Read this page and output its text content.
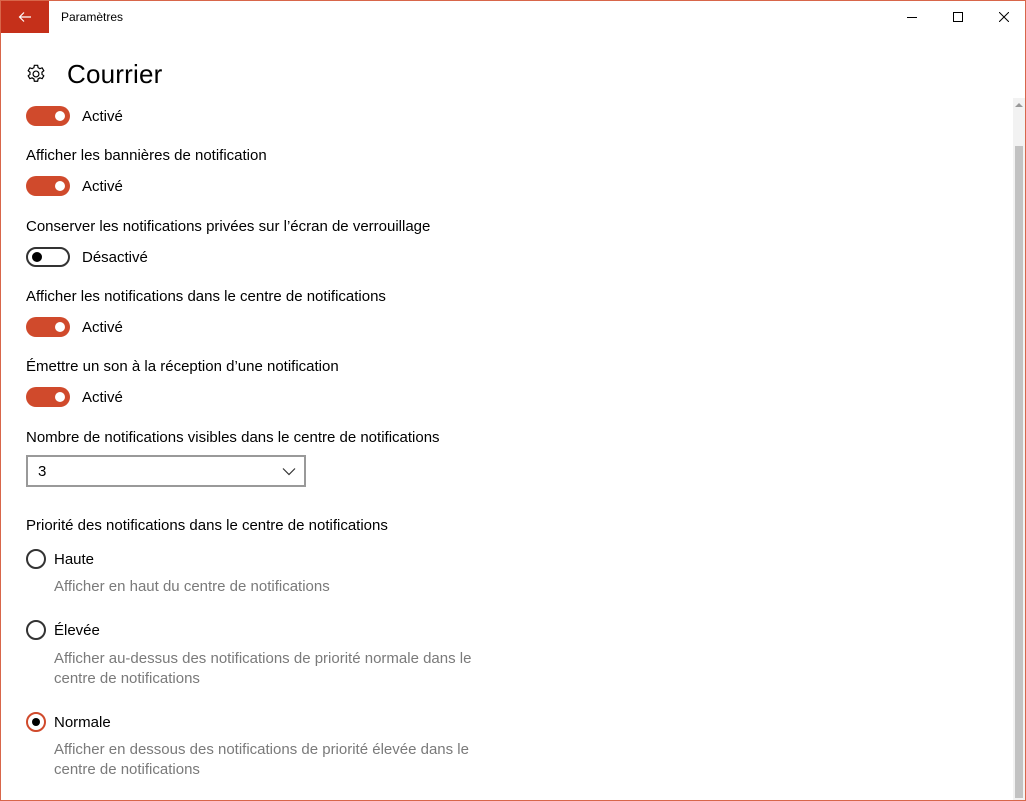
Paramètres
Courrier
Activé
Afficher les bannières de notification
Activé
Conserver les notifications privées sur l’écran de verrouillage
Désactivé
Afficher les notifications dans le centre de notifications
Activé
Émettre un son à la réception d’une notification
Activé
Nombre de notifications visibles dans le centre de notifications
3
Priorité des notifications dans le centre de notifications
Haute
Afficher en haut du centre de notifications
Élevée
Afficher au-dessus des notifications de priorité normale dans le centre de notifications
Normale
Afficher en dessous des notifications de priorité élevée dans le centre de notifications
